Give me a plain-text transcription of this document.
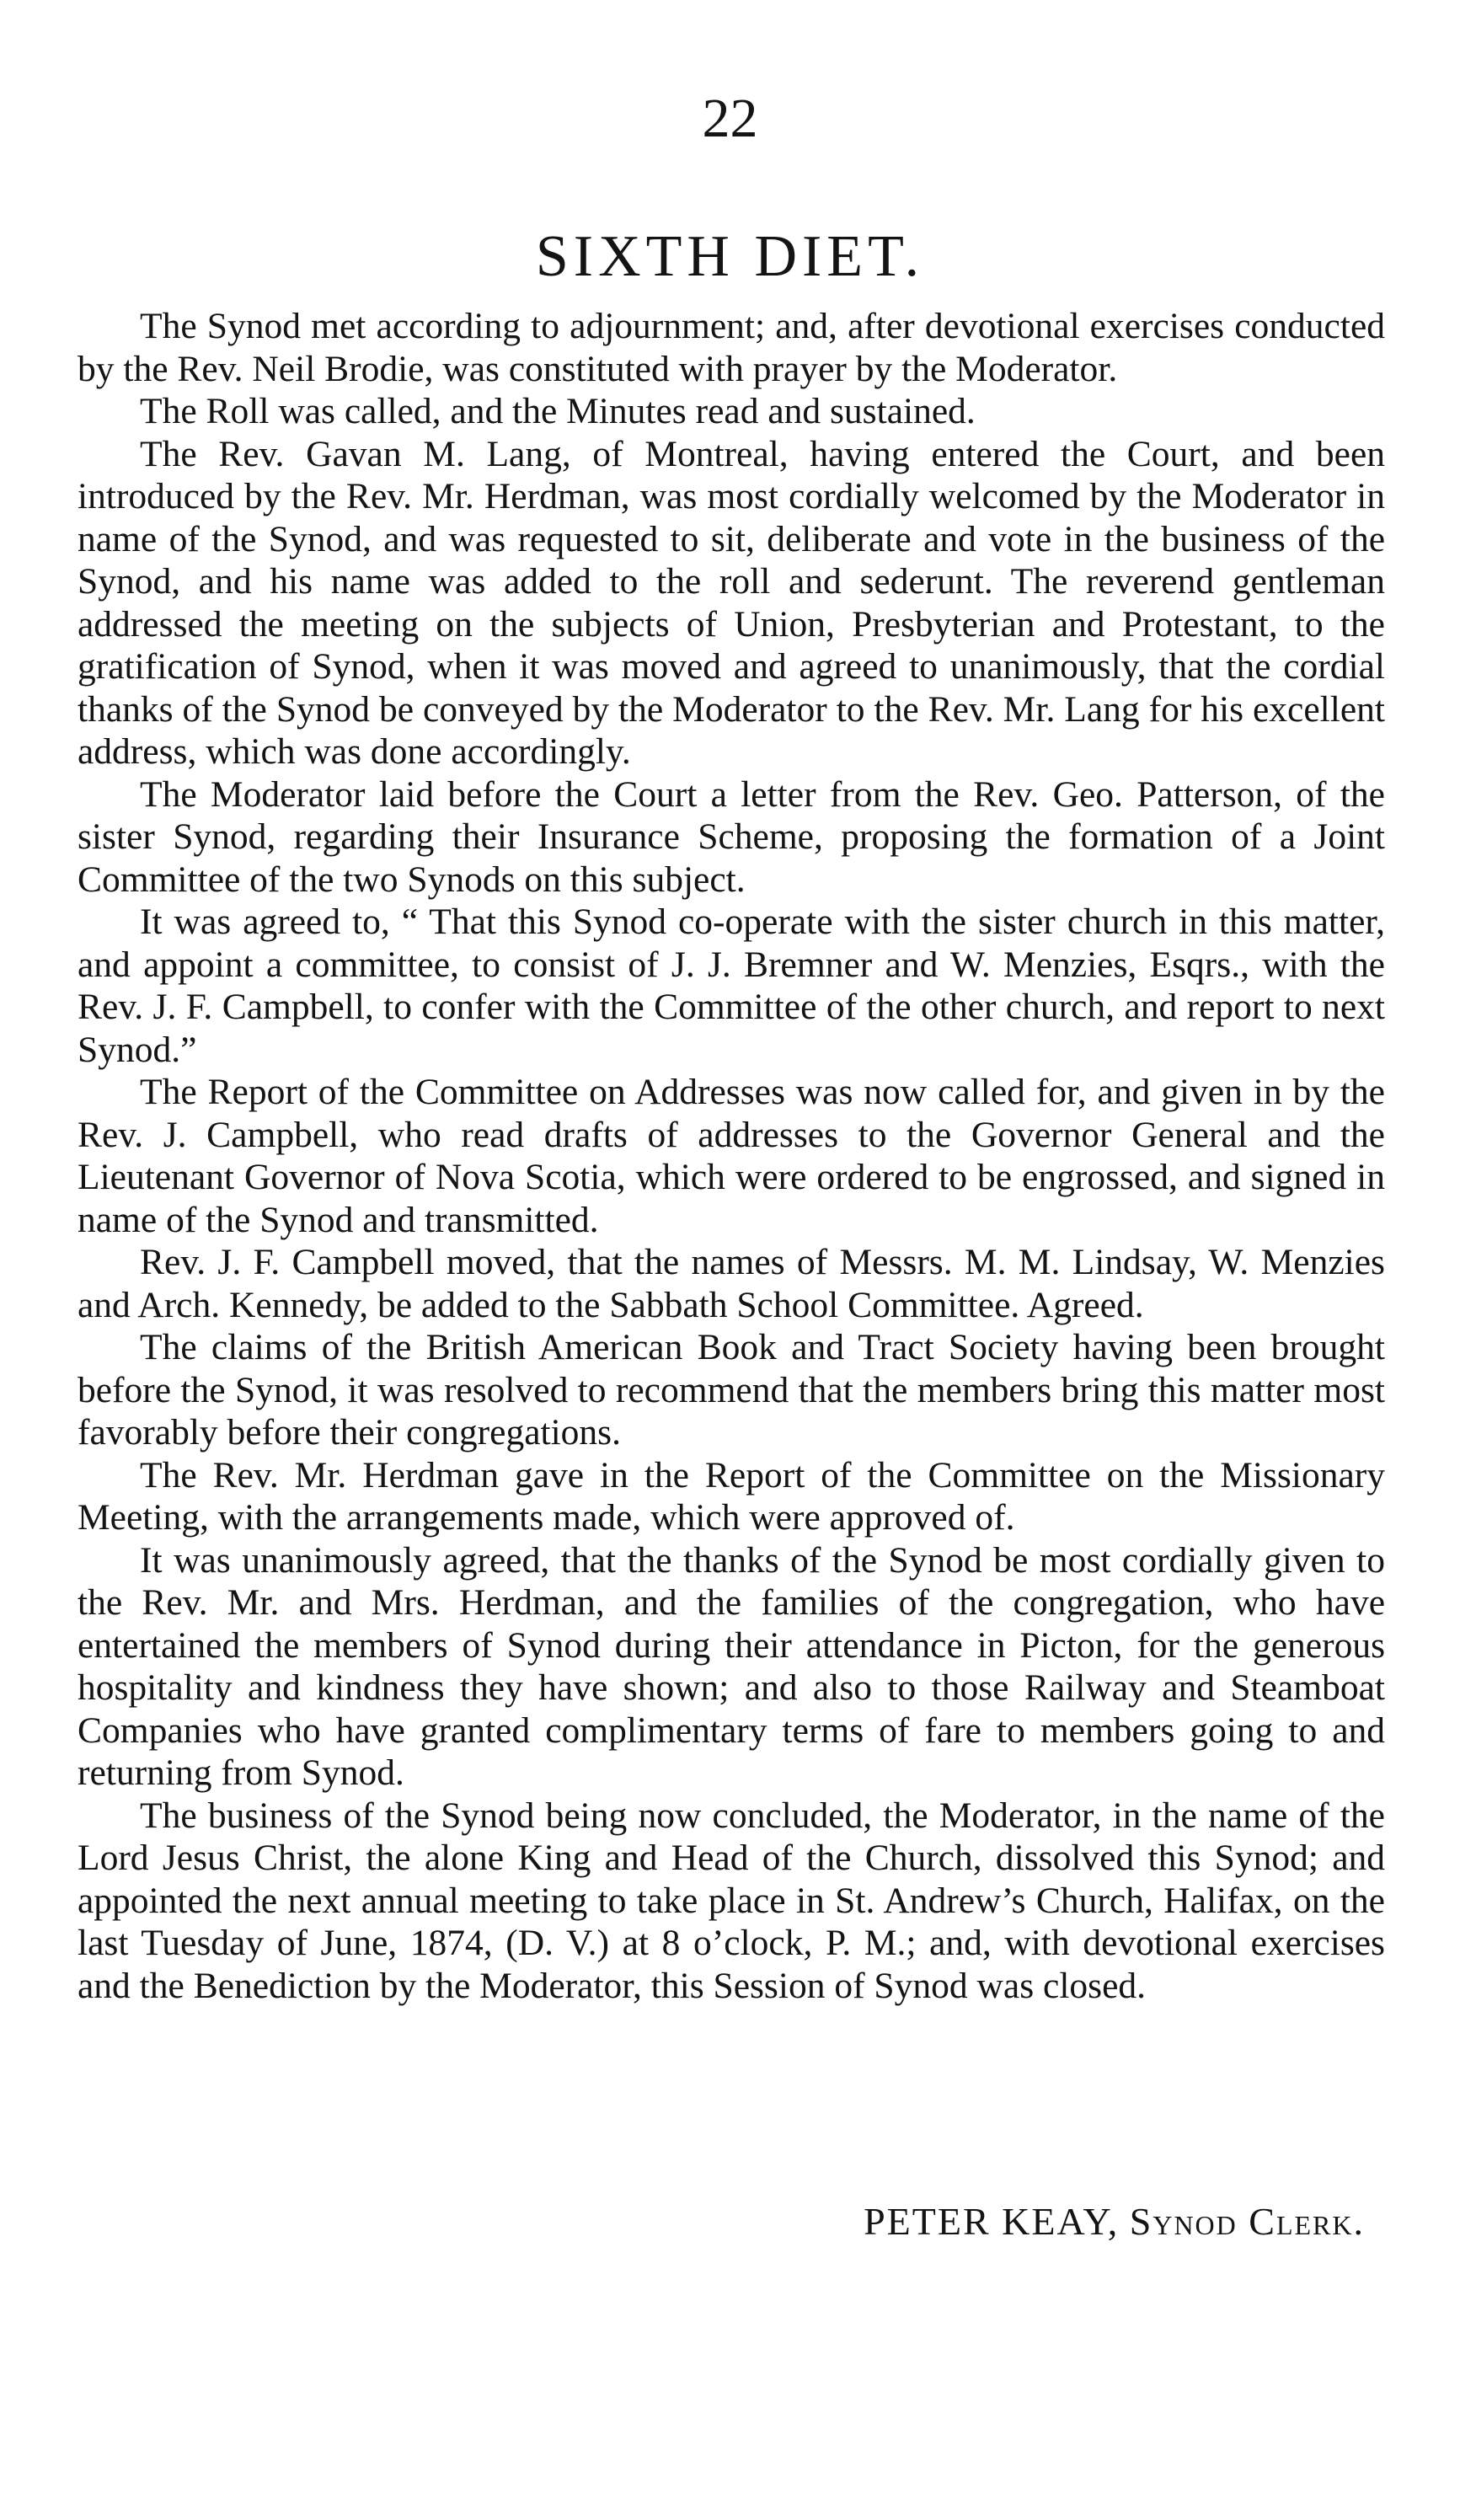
22
SIXTH DIET.

The Synod met according to adjournment; and, after devotional exercises conducted by the Rev. Neil Brodie, was constituted with prayer by the Moderator.

The Roll was called, and the Minutes read and sustained.

The Rev. Gavan M. Lang, of Montreal, having entered the Court, and been introduced by the Rev. Mr. Herdman, was most cordially welcomed by the Moderator in name of the Synod, and was requested to sit, deliberate and vote in the business of the Synod, and his name was added to the roll and sederunt. The reverend gentleman addressed the meeting on the subjects of Union, Presbyterian and Protestant, to the gratification of Synod, when it was moved and agreed to unanimously, that the cordial thanks of the Synod be conveyed by the Moderator to the Rev. Mr. Lang for his excellent address, which was done accordingly.

The Moderator laid before the Court a letter from the Rev. Geo. Patterson, of the sister Synod, regarding their Insurance Scheme, proposing the formation of a Joint Committee of the two Synods on this subject.

It was agreed to, “ That this Synod co-operate with the sister church in this matter, and appoint a committee, to consist of J. J. Bremner and W. Menzies, Esqrs., with the Rev. J. F. Campbell, to confer with the Committee of the other church, and report to next Synod.”

The Report of the Committee on Addresses was now called for, and given in by the Rev. J. Campbell, who read drafts of addresses to the Governor General and the Lieutenant Governor of Nova Scotia, which were ordered to be engrossed, and signed in name of the Synod and transmitted.

Rev. J. F. Campbell moved, that the names of Messrs. M. M. Lindsay, W. Menzies and Arch. Kennedy, be added to the Sabbath School Committee. Agreed.

The claims of the British American Book and Tract Society having been brought before the Synod, it was resolved to recommend that the members bring this matter most favorably before their congregations.

The Rev. Mr. Herdman gave in the Report of the Committee on the Missionary Meeting, with the arrangements made, which were approved of.

It was unanimously agreed, that the thanks of the Synod be most cordially given to the Rev. Mr. and Mrs. Herdman, and the families of the congregation, who have entertained the members of Synod during their attendance in Picton, for the generous hospitality and kindness they have shown; and also to those Railway and Steamboat Companies who have granted complimentary terms of fare to members going to and returning from Synod.

The business of the Synod being now concluded, the Moderator, in the name of the Lord Jesus Christ, the alone King and Head of the Church, dissolved this Synod; and appointed the next annual meeting to take place in St. Andrew’s Church, Halifax, on the last Tuesday of June, 1874, (D. V.) at 8 o’clock, P. M.; and, with devotional exercises and the Benediction by the Moderator, this Session of Synod was closed.

PETER KEAY, Synod Clerk.
